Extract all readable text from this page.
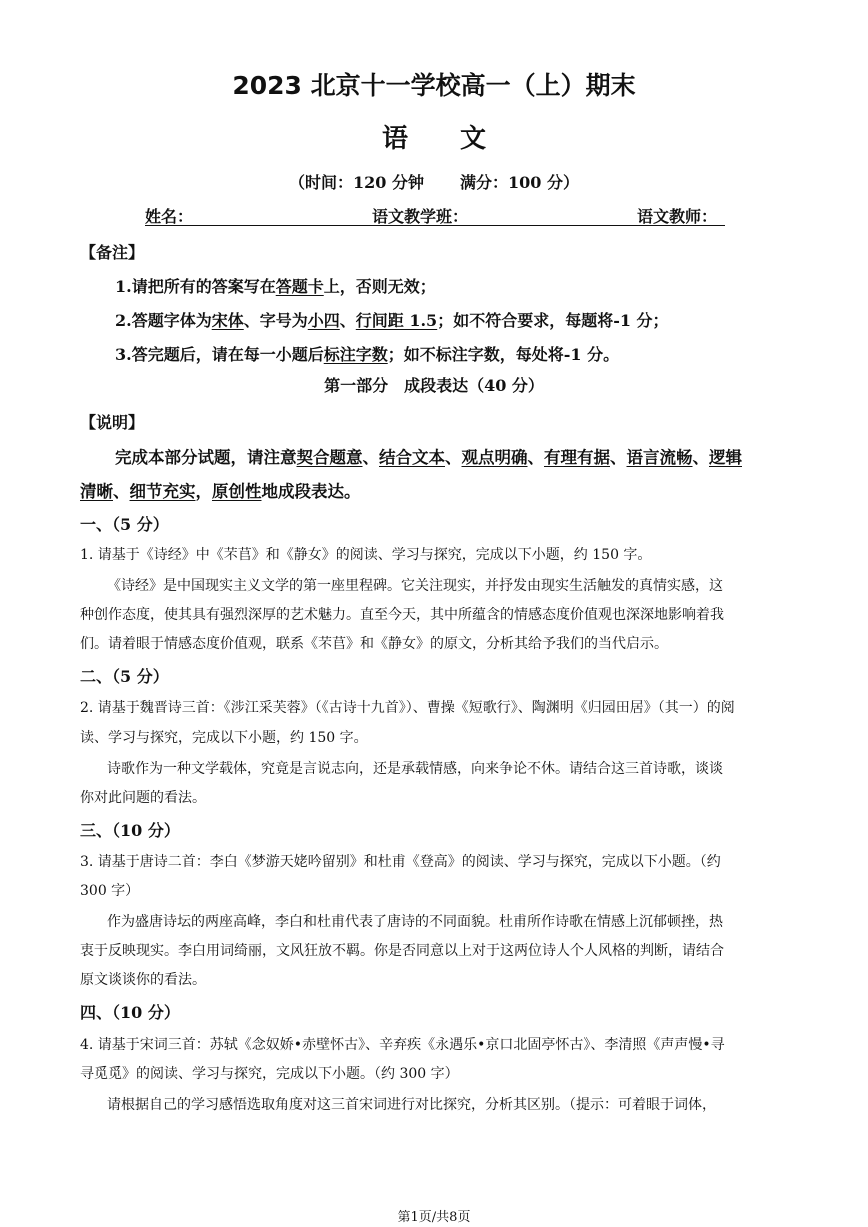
2023 北京十一学校高一（上）期末
语文
（时间：120 分钟 满分：100 分）
姓名：	语文教学班：	语文教师：
【备注】
1.请把所有的答案写在答题卡上，否则无效；
2.答题字体为宋体、字号为小四、行间距 1.5；如不符合要求，每题将-1 分；
3.答完题后，请在每一小题后标注字数；如不标注字数，每处将-1 分。
第一部分　成段表达（40 分）
【说明】
完成本部分试题，请注意契合题意、结合文本、观点明确、有理有据、语言流畅、逻辑
清晰、细节充实，原创性地成段表达。
一、（5 分）
1. 请基于《诗经》中《芣苢》和《静女》的阅读、学习与探究，完成以下小题，约 150 字。
《诗经》是中国现实主义文学的第一座里程碑。它关注现实，并抒发由现实生活触发的真情实感，这
种创作态度，使其具有强烈深厚的艺术魅力。直至今天，其中所蕴含的情感态度价值观也深深地影响着我
们。请着眼于情感态度价值观，联系《芣苢》和《静女》的原文，分析其给予我们的当代启示。
二、（5 分）
2. 请基于魏晋诗三首：《涉江采芙蓉》（《古诗十九首》）、曹操《短歌行》、陶渊明《归园田居》（其一）的阅
读、学习与探究，完成以下小题，约 150 字。
诗歌作为一种文学载体，究竟是言说志向，还是承载情感，向来争论不休。请结合这三首诗歌，谈谈
你对此问题的看法。
三、（10 分）
3. 请基于唐诗二首：李白《梦游天姥吟留别》和杜甫《登高》的阅读、学习与探究，完成以下小题。（约
300 字）
作为盛唐诗坛的两座高峰，李白和杜甫代表了唐诗的不同面貌。杜甫所作诗歌在情感上沉郁顿挫，热
衷于反映现实。李白用词绮丽，文风狂放不羁。你是否同意以上对于这两位诗人个人风格的判断，请结合
原文谈谈你的看法。
四、（10 分）
4. 请基于宋词三首：苏轼《念奴娇•赤壁怀古》、辛弃疾《永遇乐•京口北固亭怀古》、李清照《声声慢•寻
寻觅觅》的阅读、学习与探究，完成以下小题。（约 300 字）
请根据自己的学习感悟选取角度对这三首宋词进行对比探究，分析其区别。（提示：可着眼于词体，
第1页/共8页
